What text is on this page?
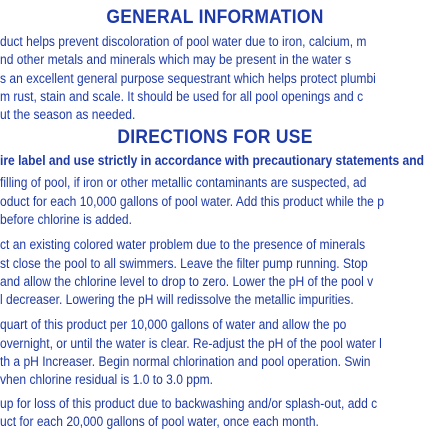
GENERAL INFORMATION
duct helps prevent discoloration of pool water due to iron, calcium, m
nd other metals and minerals which may be present in the water s
s an excellent general purpose sequestrant which helps protect plumbi
m rust, stain and scale. It should be used for all pool openings and c
ut the season as needed.
DIRECTIONS FOR USE
ire label and use strictly in accordance with precautionary statements and
filling of pool, if iron or other metallic contaminants are suspected, ad
oduct for each 10,000 gallons of pool water. Add this product while the p
before chlorine is added.
ct an existing colored water problem due to the presence of minerals
st close the pool to all swimmers. Leave the filter pump running. Stop
and allow the chlorine level to drop to zero. Lower the pH of the pool v
l decreaser. Lowering the pH will redissolve the metallic impurities.
quart of this product per 10,000 gallons of water and allow the po
overnight, or until the water is clear. Re-adjust the pH of the pool water l
th a pH Increaser. Begin normal chlorination and pool operation. Swin
vhen chlorine residual is 1.0 to 3.0 ppm.
up for loss of this product due to backwashing and/or splash-out, add c
uct for each 20,000 gallons of pool water, once each month.
